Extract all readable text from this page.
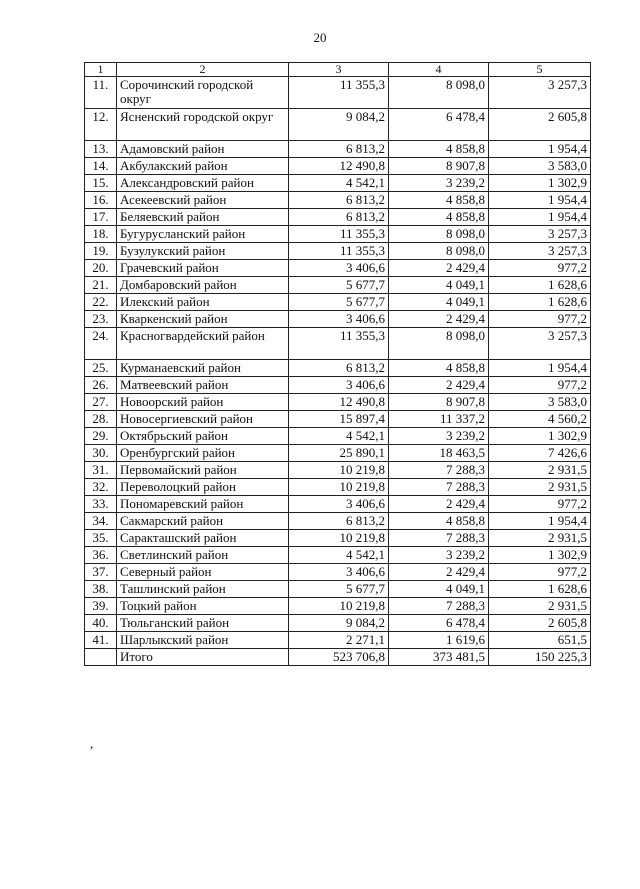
20
1	2	3	4	5
11.	Сорочинский городской округ	11 355,3	8 098,0	3 257,3
12.	Ясненский городской округ	9 084,2	6 478,4	2 605,8
13.	Адамовский район	6 813,2	4 858,8	1 954,4
14.	Акбулакский район	12 490,8	8 907,8	3 583,0
15.	Александровский район	4 542,1	3 239,2	1 302,9
16.	Асекеевский район	6 813,2	4 858,8	1 954,4
17.	Беляевский район	6 813,2	4 858,8	1 954,4
18.	Бугурусланский район	11 355,3	8 098,0	3 257,3
19.	Бузулукский район	11 355,3	8 098,0	3 257,3
20.	Грачевский район	3 406,6	2 429,4	977,2
21.	Домбаровский район	5 677,7	4 049,1	1 628,6
22.	Илекский район	5 677,7	4 049,1	1 628,6
23.	Кваркенский район	3 406,6	2 429,4	977,2
24.	Красногвардейский район	11 355,3	8 098,0	3 257,3
25.	Курманаевский район	6 813,2	4 858,8	1 954,4
26.	Матвеевский район	3 406,6	2 429,4	977,2
27.	Новоорский район	12 490,8	8 907,8	3 583,0
28.	Новосергиевский район	15 897,4	11 337,2	4 560,2
29.	Октябрьский район	4 542,1	3 239,2	1 302,9
30.	Оренбургский район	25 890,1	18 463,5	7 426,6
31.	Первомайский район	10 219,8	7 288,3	2 931,5
32.	Переволоцкий район	10 219,8	7 288,3	2 931,5
33.	Пономаревский район	3 406,6	2 429,4	977,2
34.	Сакмарский район	6 813,2	4 858,8	1 954,4
35.	Саракташский район	10 219,8	7 288,3	2 931,5
36.	Светлинский район	4 542,1	3 239,2	1 302,9
37.	Северный район	3 406,6	2 429,4	977,2
38.	Ташлинский район	5 677,7	4 049,1	1 628,6
39.	Тоцкий район	10 219,8	7 288,3	2 931,5
40.	Тюльганский район	9 084,2	6 478,4	2 605,8
41.	Шарлыкский район	2 271,1	1 619,6	651,5
	Итого	523 706,8	373 481,5	150 225,3
,
